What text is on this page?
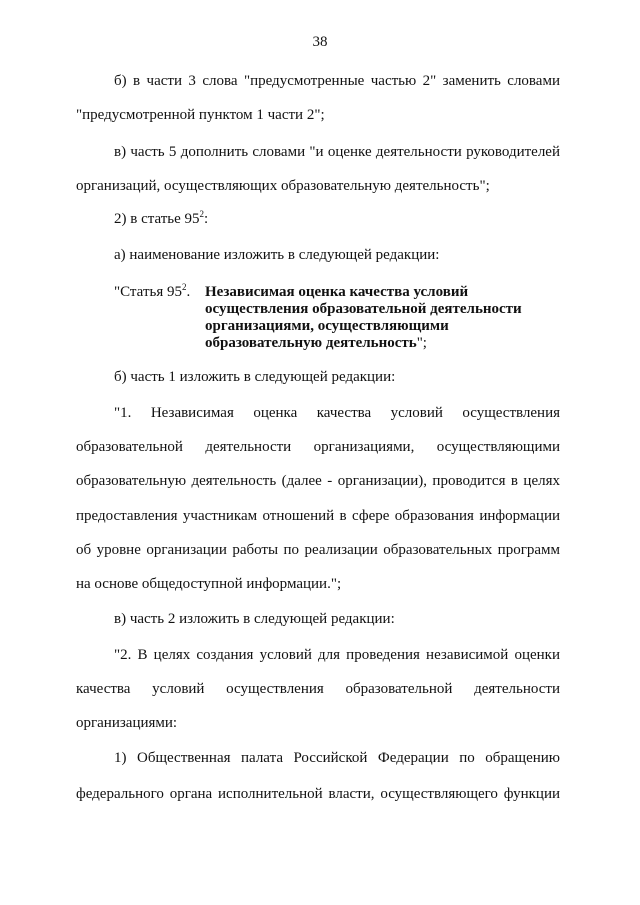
38
б) в части 3 слова "предусмотренные частью 2" заменить словами
"предусмотренной пунктом 1 части 2";
в) часть 5 дополнить словами "и оценке деятельности руководителей
организаций, осуществляющих образовательную деятельность";
2) в статье $95^2$:
а) наименование изложить в следующей редакции:
"Статья $95^2$. Независимая оценка качества условий
осуществления образовательной деятельности
организациями, осуществляющими
образовательную деятельность";
б) часть 1 изложить в следующей редакции:
"1. Независимая оценка качества условий осуществления
образовательной деятельности организациями, осуществляющими
образовательную деятельность (далее - организации), проводится в целях
предоставления участникам отношений в сфере образования информации
об уровне организации работы по реализации образовательных программ
на основе общедоступной информации.";
в) часть 2 изложить в следующей редакции:
"2. В целях создания условий для проведения независимой оценки
качества условий осуществления образовательной деятельности
организациями:
1) Общественная палата Российской Федерации по обращению
федерального органа исполнительной власти, осуществляющего функции
